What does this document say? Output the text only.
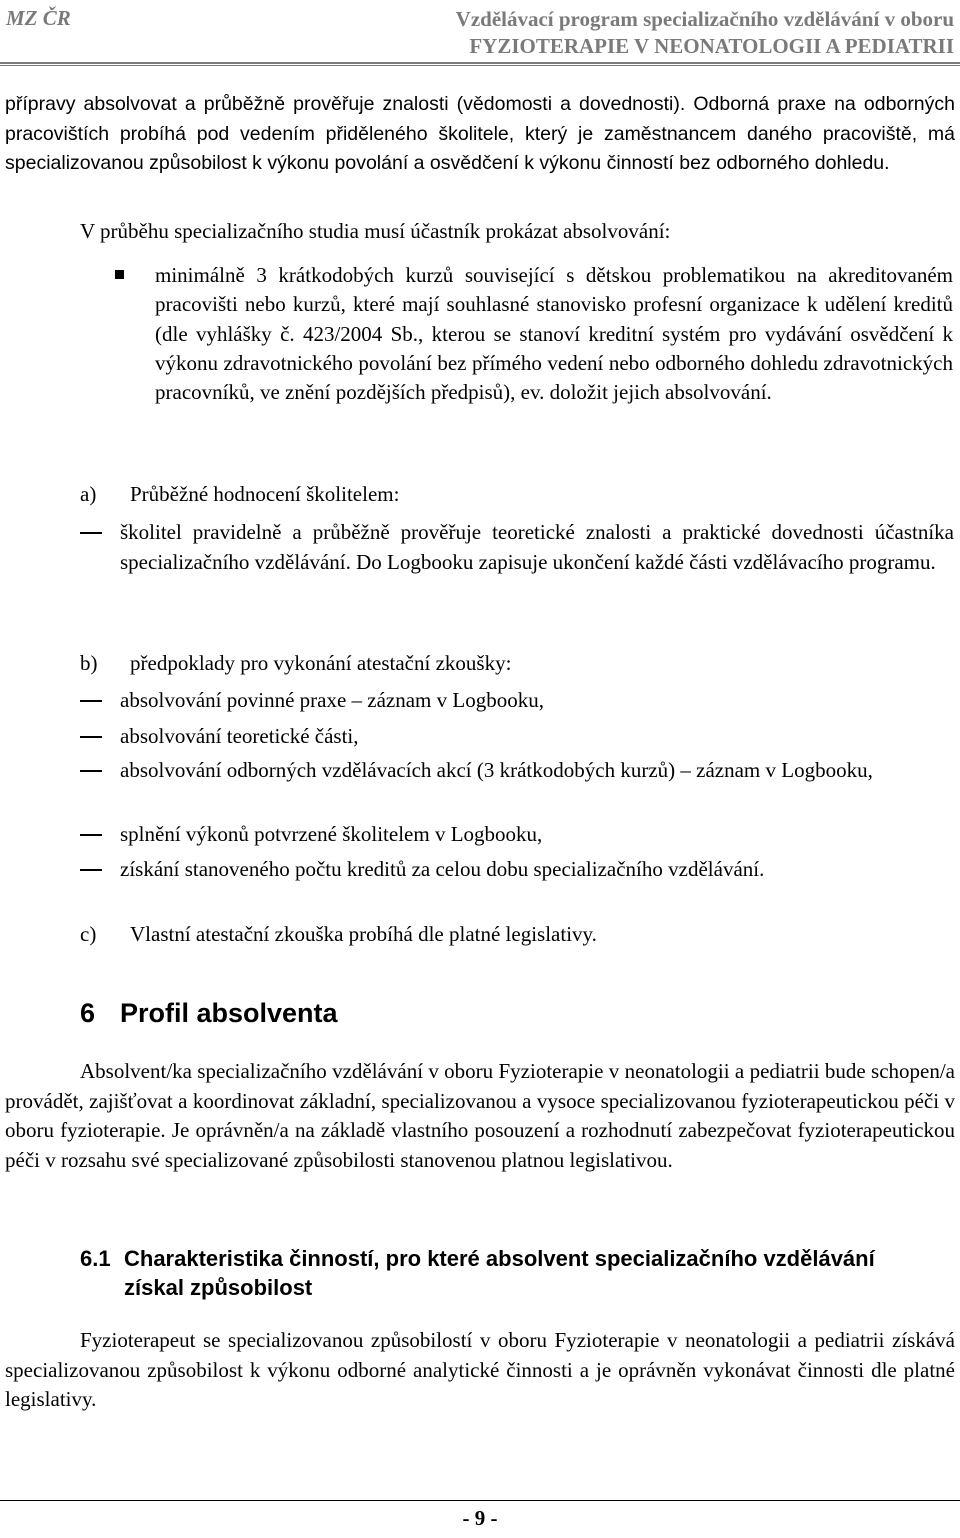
MZ ČR	Vzdělávací program specializačního vzdělávání v oboru
FYZIOTERAPIE V NEONATOLOGII A PEDIATRII

přípravy absolvovat a průběžně prověřuje znalosti (vědomosti a dovednosti). Odborná praxe na odborných pracovištích probíhá pod vedením přiděleného školitele, který je zaměstnancem daného pracoviště, má specializovanou způsobilost k výkonu povolání a osvědčení k výkonu činností bez odborného dohledu.

V průběhu specializačního studia musí účastník prokázat absolvování:

minimálně 3 krátkodobých kurzů související s dětskou problematikou na akreditovaném pracovišti nebo kurzů, které mají souhlasné stanovisko profesní organizace k udělení kreditů (dle vyhlášky č. 423/2004 Sb., kterou se stanoví kreditní systém pro vydávání osvědčení k výkonu zdravotnického povolání bez přímého vedení nebo odborného dohledu zdravotnických pracovníků, ve znění pozdějších předpisů), ev. doložit jejich absolvování.

a) Průběžné hodnocení školitelem:

školitel pravidelně a průběžně prověřuje teoretické znalosti a praktické dovednosti účastníka specializačního vzdělávání. Do Logbooku zapisuje ukončení každé části vzdělávacího programu.

b) předpoklady pro vykonání atestační zkoušky:

absolvování povinné praxe – záznam v Logbooku,

absolvování teoretické části,

absolvování odborných vzdělávacích akcí (3 krátkodobých kurzů) – záznam v Logbooku,

splnění výkonů potvrzené školitelem v Logbooku,

získání stanoveného počtu kreditů za celou dobu specializačního vzdělávání.

c) Vlastní atestační zkouška probíhá dle platné legislativy.
6 Profil absolventa

Absolvent/ka specializačního vzdělávání v oboru Fyzioterapie v neonatologii a pediatrii bude schopen/a provádět, zajišťovat a koordinovat základní, specializovanou a vysoce specializovanou fyzioterapeutickou péči v oboru fyzioterapie. Je oprávněn/a na základě vlastního posouzení a rozhodnutí zabezpečovat fyzioterapeutickou péči v rozsahu své specializované způsobilosti stanovenou platnou legislativou.

6.1 Charakteristika činností, pro které absolvent specializačního vzdělávání získal způsobilost

Fyzioterapeut se specializovanou způsobilostí v oboru Fyzioterapie v neonatologii a pediatrii získává specializovanou způsobilost k výkonu odborné analytické činnosti a je oprávněn vykonávat činnosti dle platné legislativy.

- 9 -
